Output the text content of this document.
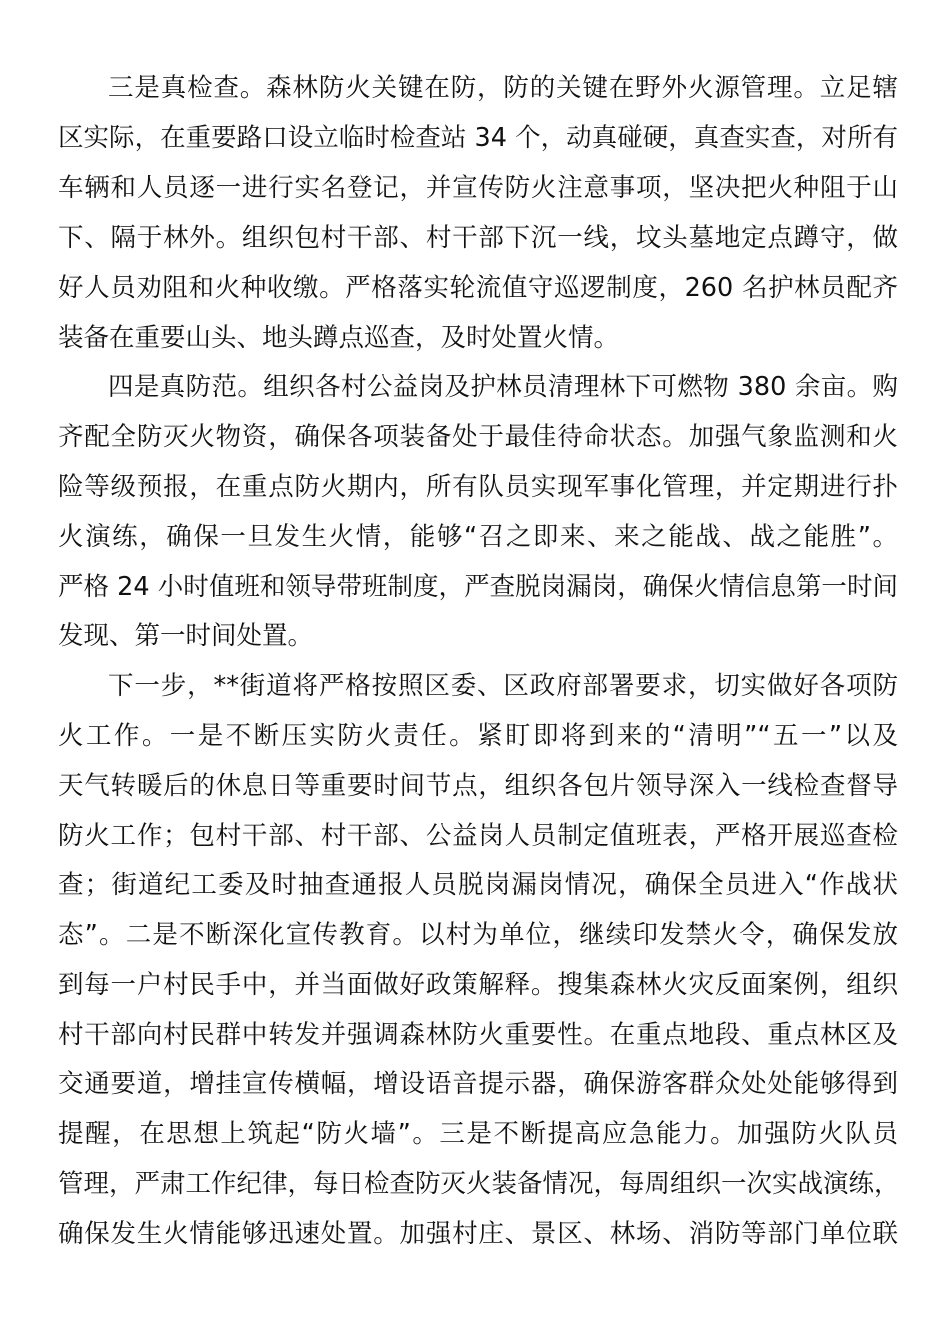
三是真检查。森林防火关键在防，防的关键在野外火源管理。立足辖
区实际，在重要路口设立临时检查站 34 个，动真碰硬，真查实查，对所有
车辆和人员逐一进行实名登记，并宣传防火注意事项，坚决把火种阻于山
下、隔于林外。组织包村干部、村干部下沉一线，坟头墓地定点蹲守，做
好人员劝阻和火种收缴。严格落实轮流值守巡逻制度，260 名护林员配齐
装备在重要山头、地头蹲点巡查，及时处置火情。
四是真防范。组织各村公益岗及护林员清理林下可燃物 380 余亩。购
齐配全防灭火物资，确保各项装备处于最佳待命状态。加强气象监测和火
险等级预报，在重点防火期内，所有队员实现军事化管理，并定期进行扑
火演练，确保一旦发生火情，能够“召之即来、来之能战、战之能胜”。
严格 24 小时值班和领导带班制度，严查脱岗漏岗，确保火情信息第一时间
发现、第一时间处置。
下一步，**街道将严格按照区委、区政府部署要求，切实做好各项防
火工作。一是不断压实防火责任。紧盯即将到来的“清明”“五一”以及
天气转暖后的休息日等重要时间节点，组织各包片领导深入一线检查督导
防火工作；包村干部、村干部、公益岗人员制定值班表，严格开展巡查检
查；街道纪工委及时抽查通报人员脱岗漏岗情况，确保全员进入“作战状
态”。二是不断深化宣传教育。以村为单位，继续印发禁火令，确保发放
到每一户村民手中，并当面做好政策解释。搜集森林火灾反面案例，组织
村干部向村民群中转发并强调森林防火重要性。在重点地段、重点林区及
交通要道，增挂宣传横幅，增设语音提示器，确保游客群众处处能够得到
提醒，在思想上筑起“防火墙”。三是不断提高应急能力。加强防火队员
管理，严肃工作纪律，每日检查防灭火装备情况，每周组织一次实战演练，
确保发生火情能够迅速处置。加强村庄、景区、林场、消防等部门单位联
